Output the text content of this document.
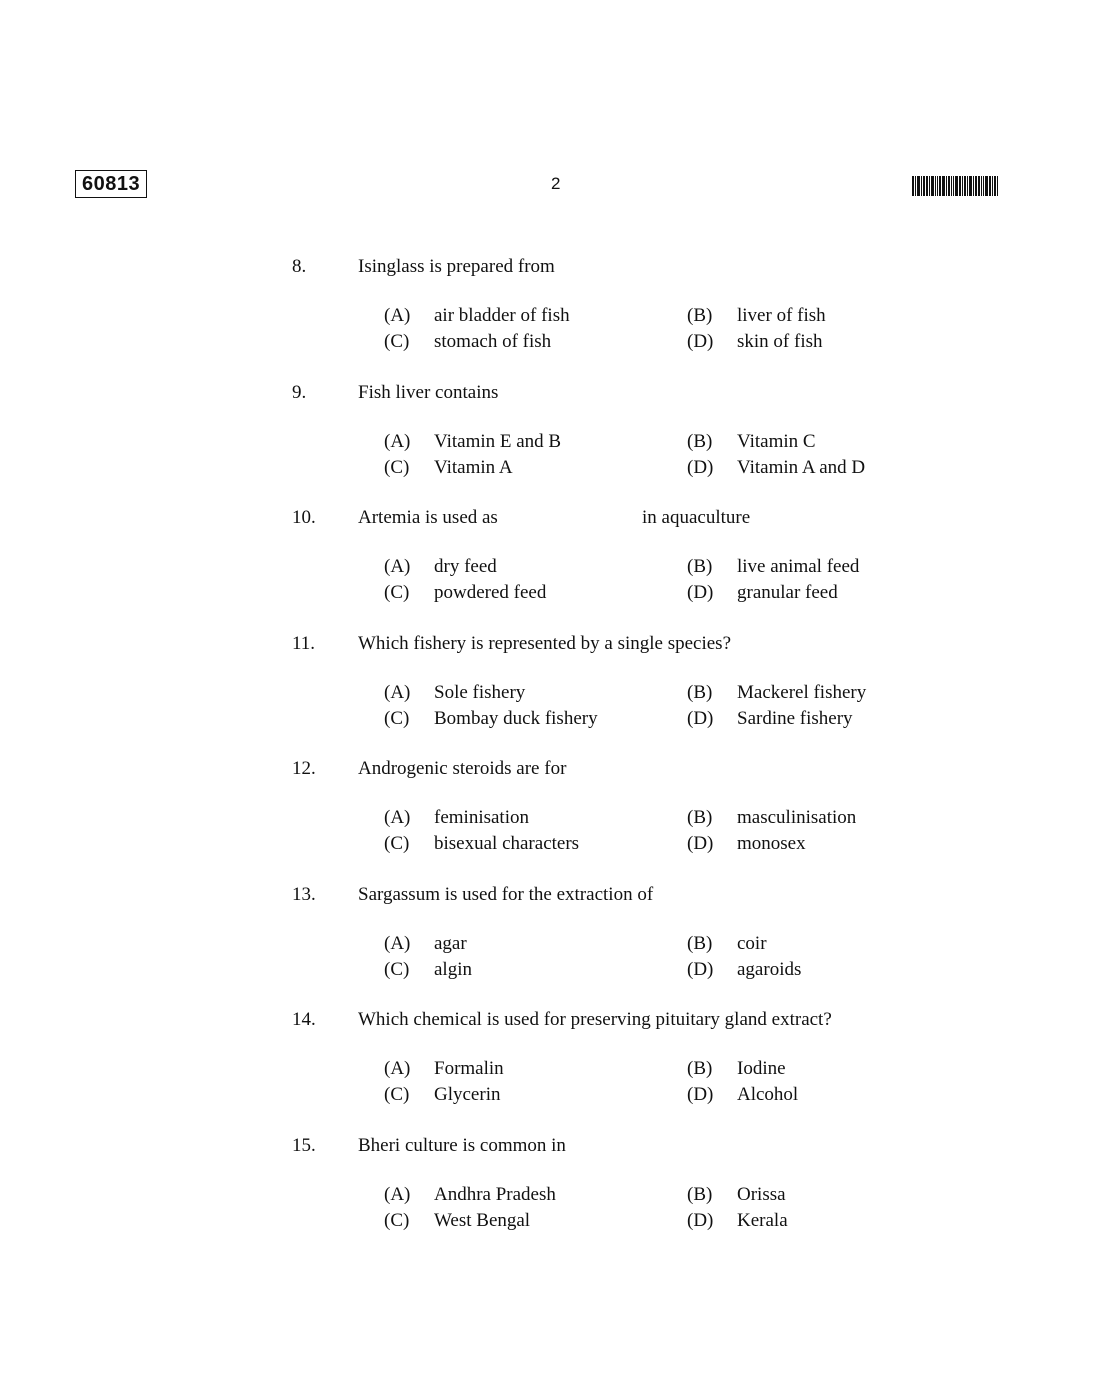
60813	2
8.	Isinglass is prepared from
(A) air bladder of fish	(B) liver of fish
(C) stomach of fish	(D) skin of fish
9.	Fish liver contains
(A) Vitamin E and B	(B) Vitamin C
(C) Vitamin A	(D) Vitamin A and D
10. Artemia is used as	in aquaculture
(A) dry feed	(B) live animal feed
(C) powdered feed	(D) granular feed
11. Which fishery is represented by a single species?
(A) Sole fishery	(B) Mackerel fishery
(C) Bombay duck fishery	(D) Sardine fishery
12. Androgenic steroids are for
(A) feminisation	(B) masculinisation
(C) bisexual characters	(D) monosex
13. Sargassum is used for the extraction of
(A) agar	(B) coir
(C) algin	(D) agaroids
14. Which chemical is used for preserving pituitary gland extract?
(A) Formalin	(B) Iodine
(C) Glycerin	(D) Alcohol
15. Bheri culture is common in
(A) Andhra Pradesh	(B) Orissa
(C) West Bengal	(D) Kerala
